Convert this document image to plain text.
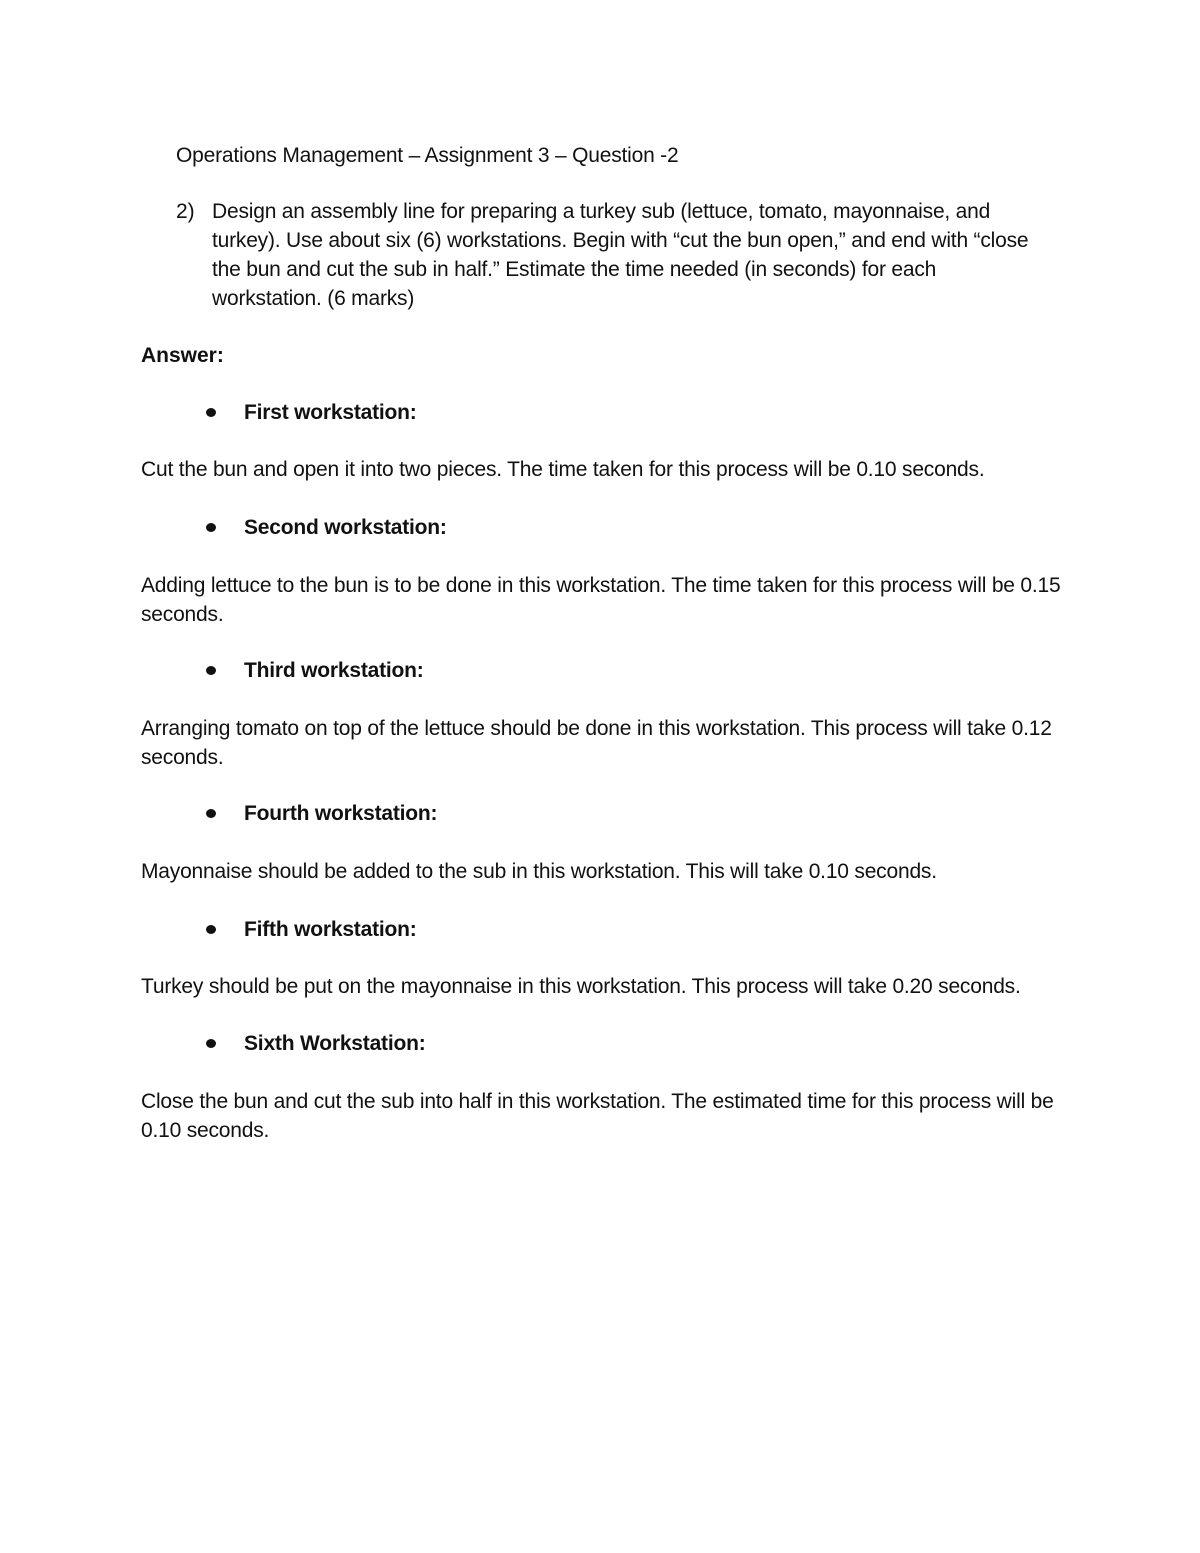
Operations Management – Assignment 3 – Question -2
2) Design an assembly line for preparing a turkey sub (lettuce, tomato, mayonnaise, and turkey). Use about six (6) workstations. Begin with “cut the bun open,” and end with “close the bun and cut the sub in half.” Estimate the time needed (in seconds) for each workstation. (6 marks)
Answer:
First workstation:
Cut the bun and open it into two pieces. The time taken for this process will be 0.10 seconds.
Second workstation:
Adding lettuce to the bun is to be done in this workstation. The time taken for this process will be 0.15 seconds.
Third workstation:
Arranging tomato on top of the lettuce should be done in this workstation. This process will take 0.12 seconds.
Fourth workstation:
Mayonnaise should be added to the sub in this workstation. This will take 0.10 seconds.
Fifth workstation:
Turkey should be put on the mayonnaise in this workstation. This process will take 0.20 seconds.
Sixth Workstation:
Close the bun and cut the sub into half in this workstation. The estimated time for this process will be 0.10 seconds.
